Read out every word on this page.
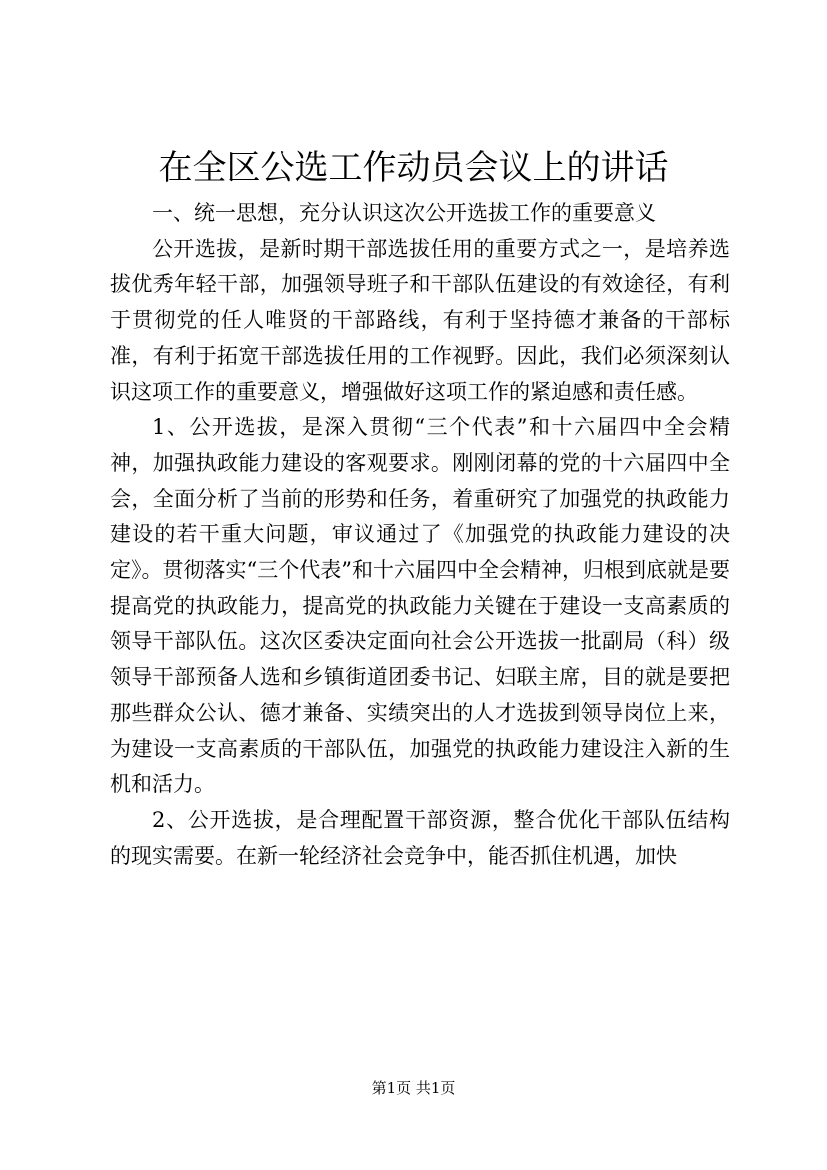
在全区公选工作动员会议上的讲话

一、统一思想，充分认识这次公开选拔工作的重要意义

公开选拔，是新时期干部选拔任用的重要方式之一，是培养选拔优秀年轻干部，加强领导班子和干部队伍建设的有效途径，有利于贯彻党的任人唯贤的干部路线，有利于坚持德才兼备的干部标准，有利于拓宽干部选拔任用的工作视野。因此，我们必须深刻认识这项工作的重要意义，增强做好这项工作的紧迫感和责任感。

1、公开选拔，是深入贯彻“三个代表”和十六届四中全会精神，加强执政能力建设的客观要求。刚刚闭幕的党的十六届四中全会，全面分析了当前的形势和任务，着重研究了加强党的执政能力建设的若干重大问题，审议通过了《加强党的执政能力建设的决定》。贯彻落实“三个代表”和十六届四中全会精神，归根到底就是要提高党的执政能力，提高党的执政能力关键在于建设一支高素质的领导干部队伍。这次区委决定面向社会公开选拔一批副局（科）级领导干部预备人选和乡镇街道团委书记、妇联主席，目的就是要把那些群众公认、德才兼备、实绩突出的人才选拔到领导岗位上来，为建设一支高素质的干部队伍，加强党的执政能力建设注入新的生机和活力。

2、公开选拔，是合理配置干部资源，整合优化干部队伍结构的现实需要。在新一轮经济社会竞争中，能否抓住机遇，加快

第1页 共1页
